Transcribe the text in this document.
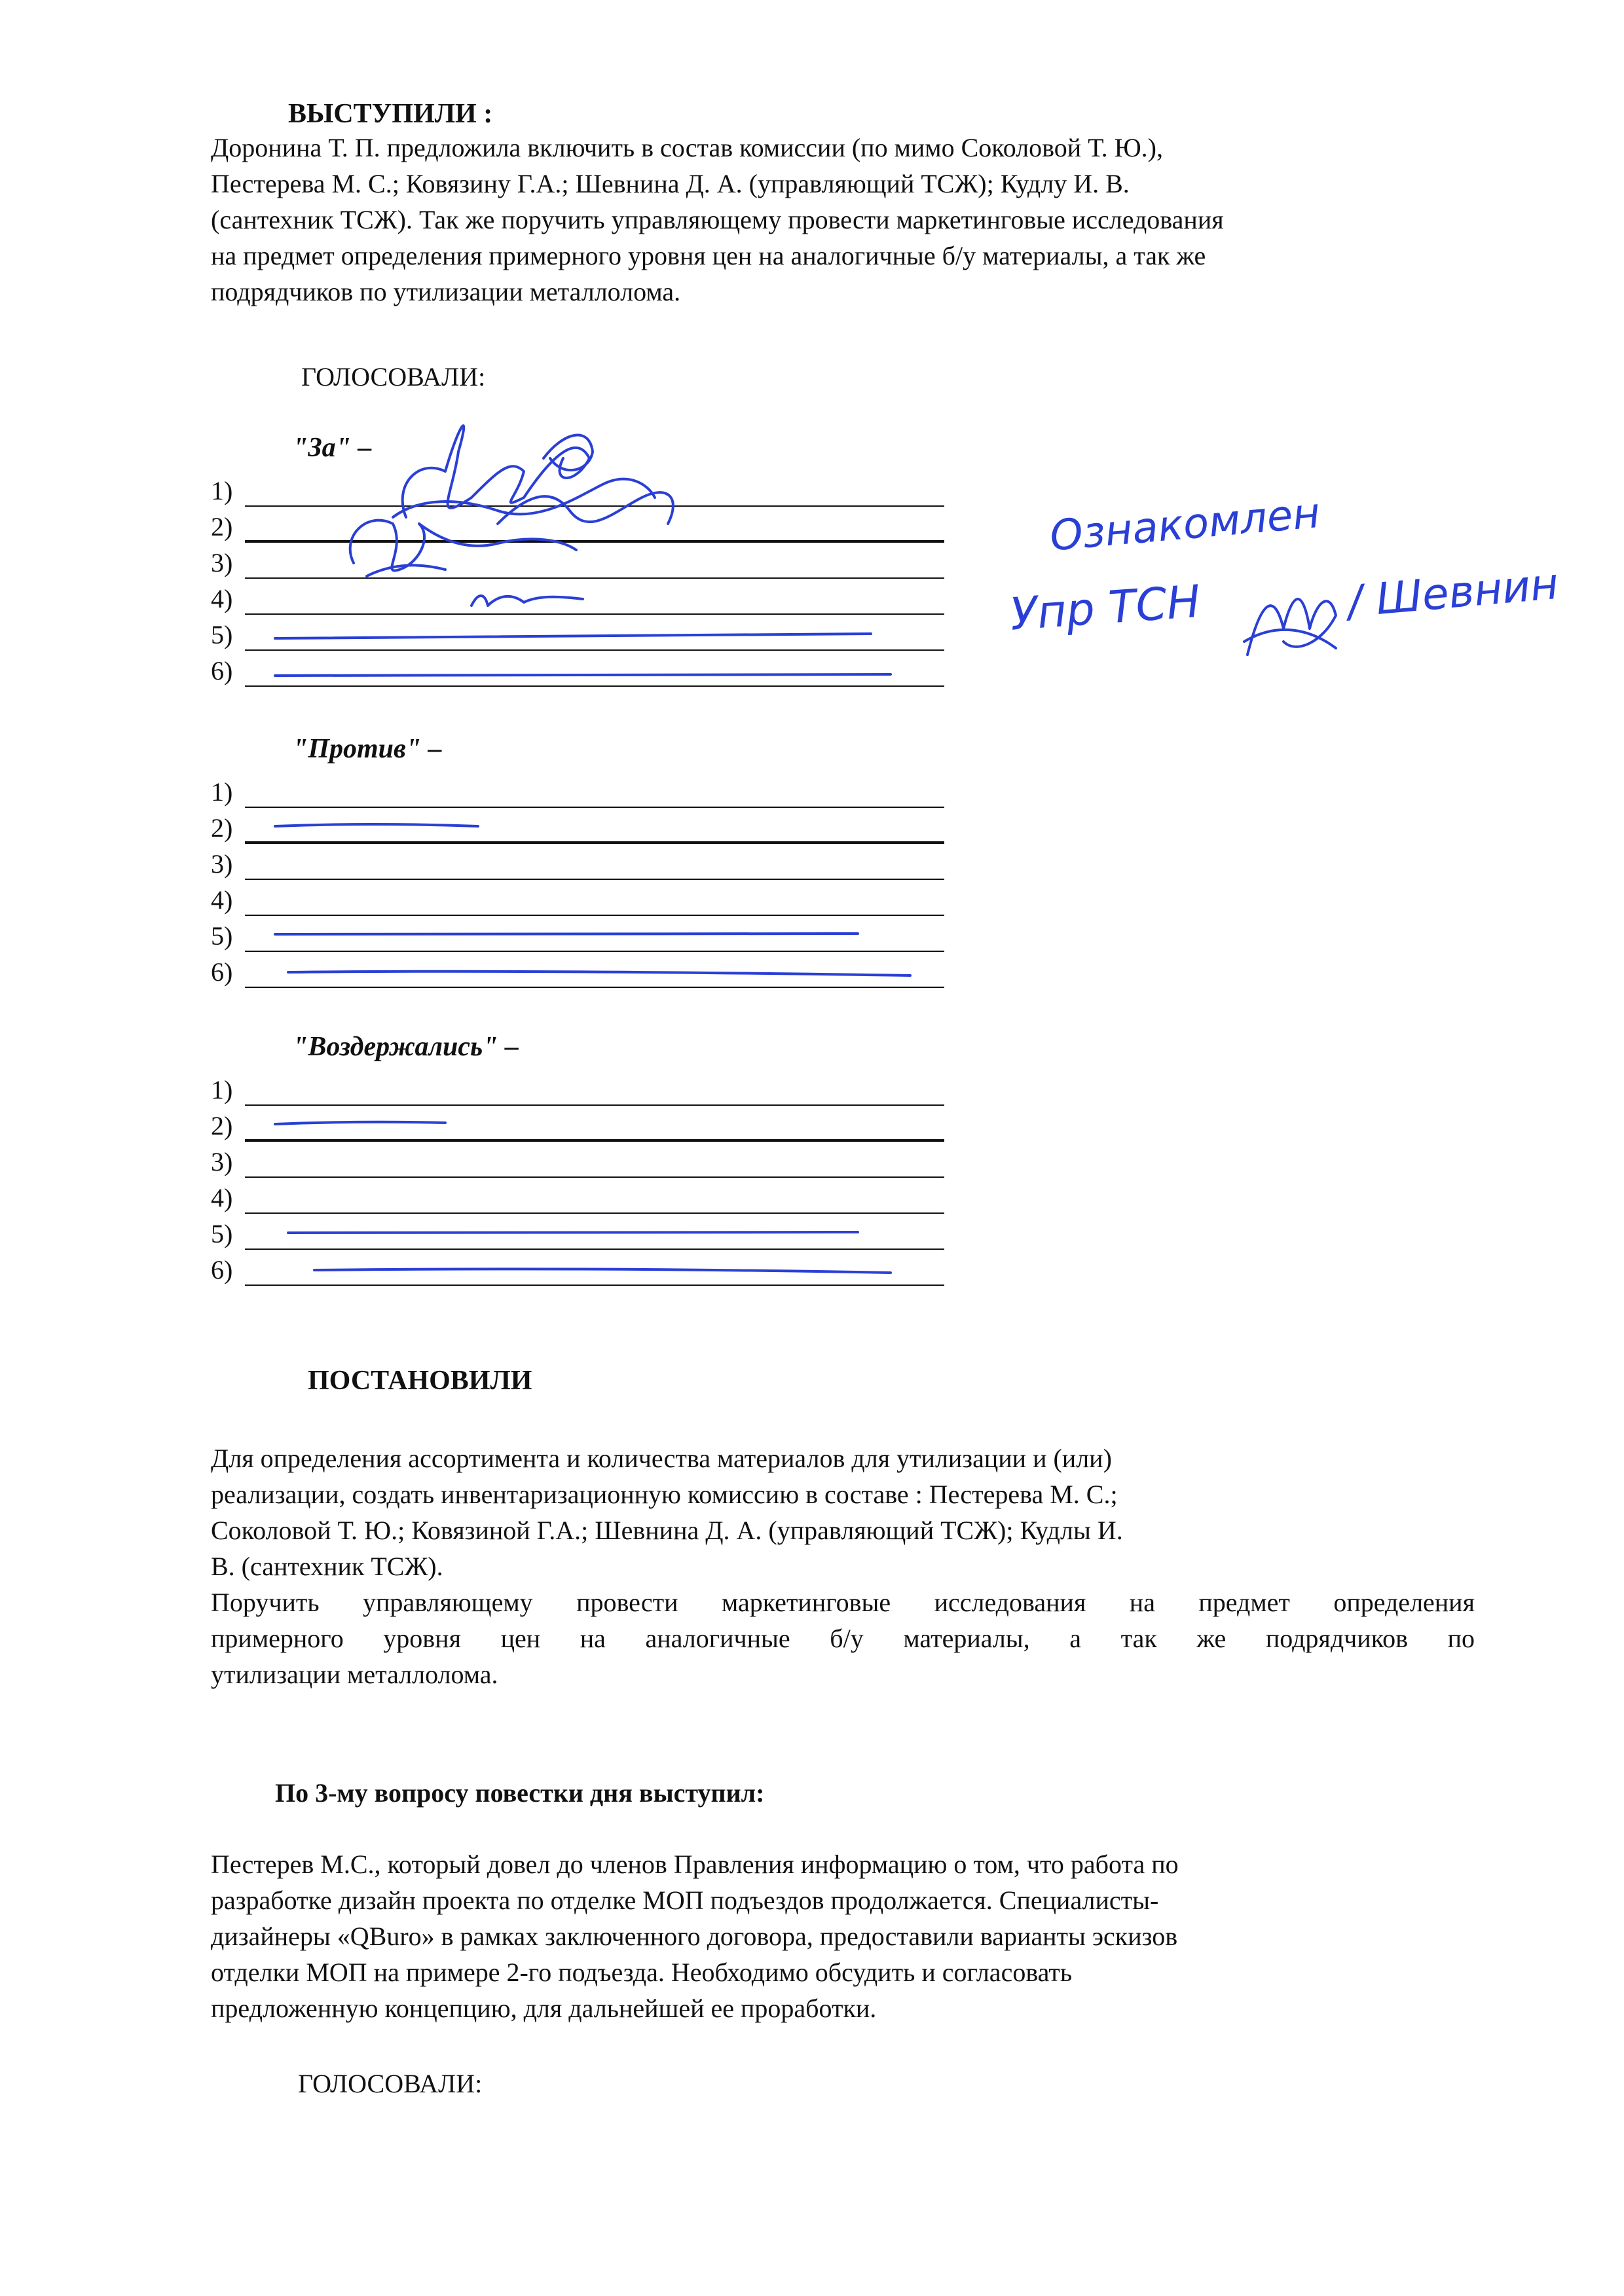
ВЫСТУПИЛИ :
Доронина Т. П. предложила включить в состав комиссии (по мимо Соколовой Т. Ю.),
Пестерева М. С.; Ковязину Г.А.; Шевнина Д. А. (управляющий ТСЖ); Кудлу И. В.
(сантехник ТСЖ). Так же поручить управляющему провести маркетинговые исследования
на предмет определения примерного уровня цен на аналогичные б/у материалы, а так же
подрядчиков по утилизации металлолома.
ГОЛОСОВАЛИ:
"За" –
1)
2)
3)
4)
5)
6)
"Против" –
1)
2)
3)
4)
5)
6)
"Воздержались" –
1)
2)
3)
4)
5)
6)
Ознакомлен
Упр ТСН	/ Шевнин
ПОСТАНОВИЛИ
Для определения ассортимента и количества материалов для утилизации и (или)
реализации, создать инвентаризационную комиссию в составе : Пестерева М. С.;
Соколовой Т. Ю.; Ковязиной Г.А.; Шевнина Д. А. (управляющий ТСЖ); Кудлы И.
В. (сантехник ТСЖ).
Поручить управляющему провести маркетинговые исследования на предмет определения
примерного уровня цен на аналогичные б/у материалы, а так же подрядчиков по
утилизации металлолома.
По 3-му вопросу повестки дня выступил:
Пестерев М.С., который довел до членов Правления информацию о том, что работа по
разработке дизайн проекта по отделке МОП подъездов продолжается. Специалисты-
дизайнеры «QBuro» в рамках заключенного договора, предоставили варианты эскизов
отделки МОП на примере 2-го подъезда. Необходимо обсудить и согласовать
предложенную концепцию, для дальнейшей ее проработки.
ГОЛОСОВАЛИ:
